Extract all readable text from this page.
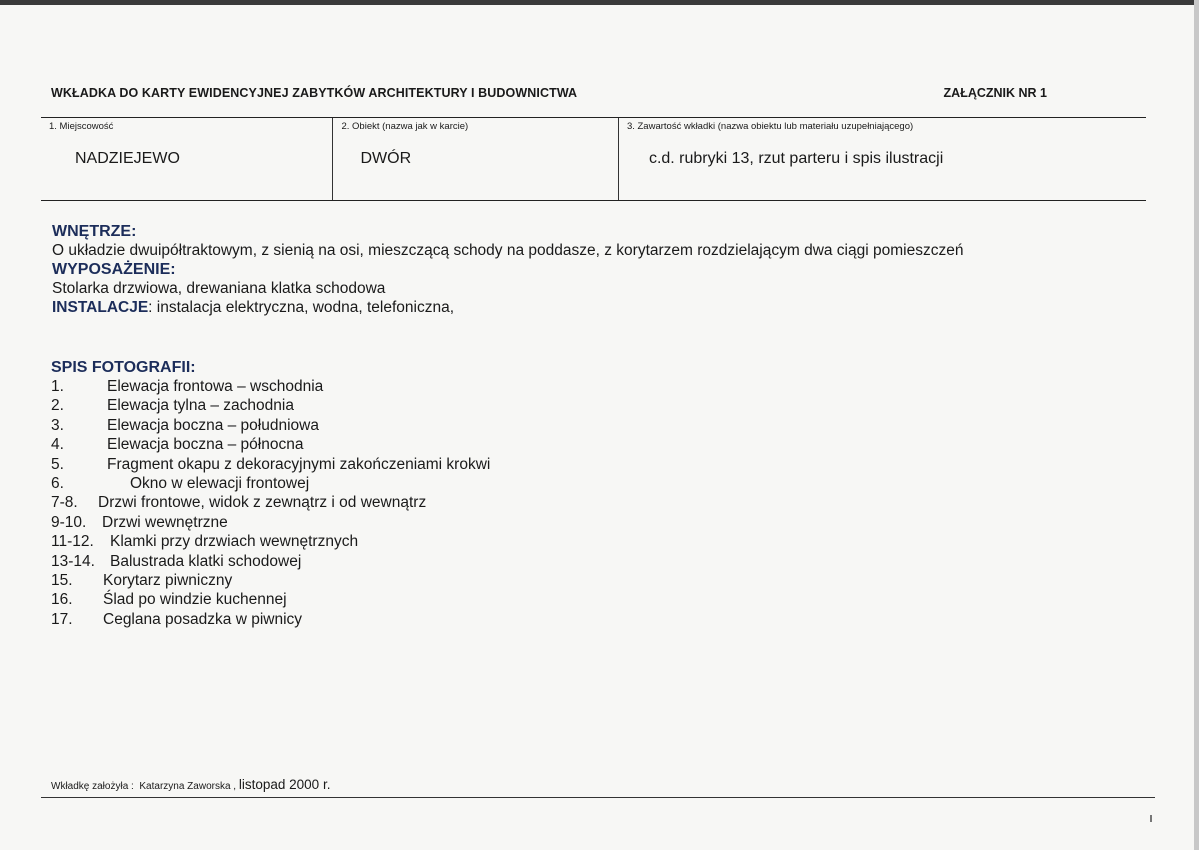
WKŁADKA DO KARTY EWIDENCYJNEJ ZABYTKÓW ARCHITEKTURY I BUDOWNICTWA	ZAŁĄCZNIK NR 1
1. Miejscowość
NADZIEJEWO

2. Obiekt (nazwa jak w karcie)
DWÓR

3. Zawartość wkładki (nazwa obiektu lub materiału uzupełniającego)
c.d. rubryki 13, rzut parteru i spis ilustracji
WNĘTRZE:
O układzie dwuipółtraktowym, z sienią na osi, mieszczącą schody na poddasze, z korytarzem rozdzielającym dwa ciągi pomieszczeń
WYPOSAŻENIE:
Stolarka drzwiowa, drewaniana klatka schodowa
INSTALACJE: instalacja elektryczna, wodna, telefoniczna,
SPIS FOTOGRAFII:
1.	Elewacja frontowa – wschodnia
2.	Elewacja tylna – zachodnia
3.	Elewacja boczna – południowa
4.	Elewacja boczna – północna
5.	Fragment okapu z dekoracyjnymi zakończeniami krokwi
6.	Okno w elewacji frontowej
7-8. Drzwi frontowe, widok z zewnątrz i od wewnątrz
9-10. Drzwi wewnętrzne
11-12. Klamki przy drzwiach wewnętrznych
13-14. Balustrada klatki schodowej
15. Korytarz piwniczny
16. Ślad po windzie kuchennej
17. Ceglana posadzka w piwnicy
Wkładkę założyła : Katarzyna Zaworska , listopad 2000 r.
